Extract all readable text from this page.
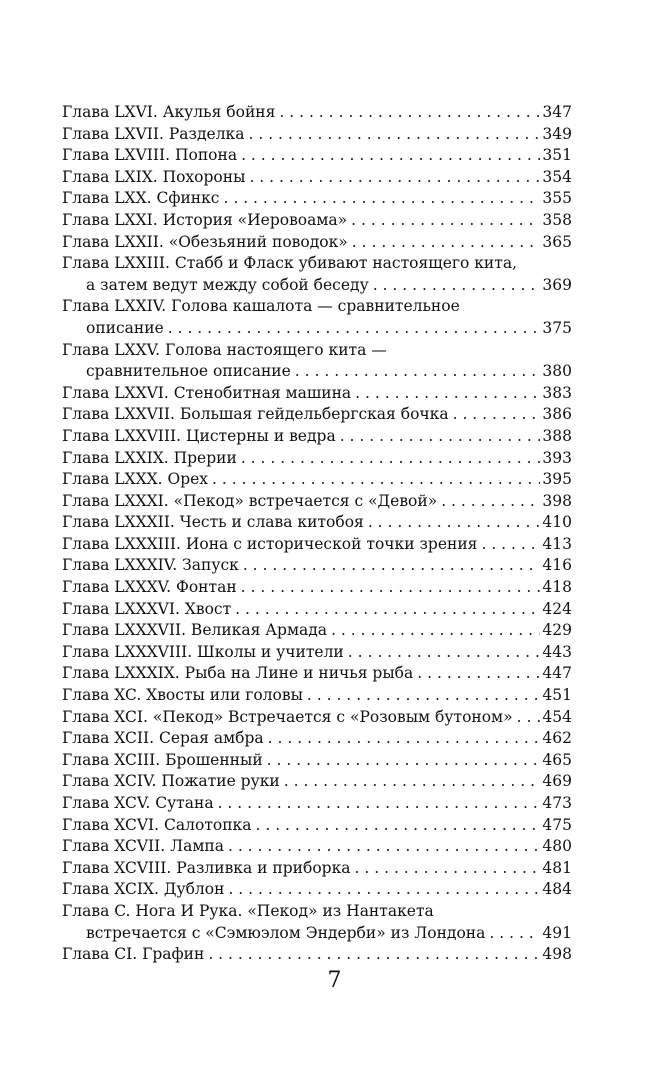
Глава LXVI. Акулья бойня . . .	347
Глава LXVII. Разделка . . .	349
Глава LXVIII. Попона . . .	351
Глава LXIX. Похороны . . .	354
Глава LXX. Сфинкс . . .	355
Глава LXXI. История «Иеровоама» . . .	358
Глава LXXII. «Обезьяний поводок» . . .	365
Глава LXXIII. Стабб и Фласк убивают настоящего кита,
а затем ведут между собой беседу . . .	369
Глава LXXIV. Голова кашалота — сравнительное
описание . . .	375
Глава LXXV. Голова настоящего кита —
сравнительное описание . . .	380
Глава LXXVI. Стенобитная машина . . .	383
Глава LXXVII. Большая гейдельбергская бочка . . .	386
Глава LXXVIII. Цистерны и ведра . . .	388
Глава LXXIX. Прерии . . .	393
Глава LXXX. Орех . . .	395
Глава LXXXI. «Пекод» встречается с «Девой» . . .	398
Глава LXXXII. Честь и слава китобоя . . .	410
Глава LXXXIII. Иона с исторической точки зрения . . .	413
Глава LXXXIV. Запуск . . .	416
Глава LXXXV. Фонтан . . .	418
Глава LXXXVI. Хвост . . .	424
Глава LXXXVII. Великая Армада . . .	429
Глава LXXXVIII. Школы и учители . . .	443
Глава LXXXIX. Рыба на Лине и ничья рыба . . .	447
Глава XC. Хвосты или головы . . .	451
Глава XCI. «Пекод» Встречается с «Розовым бутоном» . . . 454
Глава XCII. Серая амбра . . .	462
Глава XCIII. Брошенный . . .	465
Глава XCIV. Пожатие руки . . .	469
Глава XCV. Сутана . . .	473
Глава XCVI. Салотопка . . .	475
Глава XCVII. Лампа . . .	480
Глава XCVIII. Разливка и приборка . . .	481
Глава XCIX. Дублон . . .	484
Глава C. Нога И Рука. «Пекод» из Нантакета
встречается с «Сэмюэлом Эндерби» из Лондона . . .	491
Глава CI. Графин . . .	498
7
